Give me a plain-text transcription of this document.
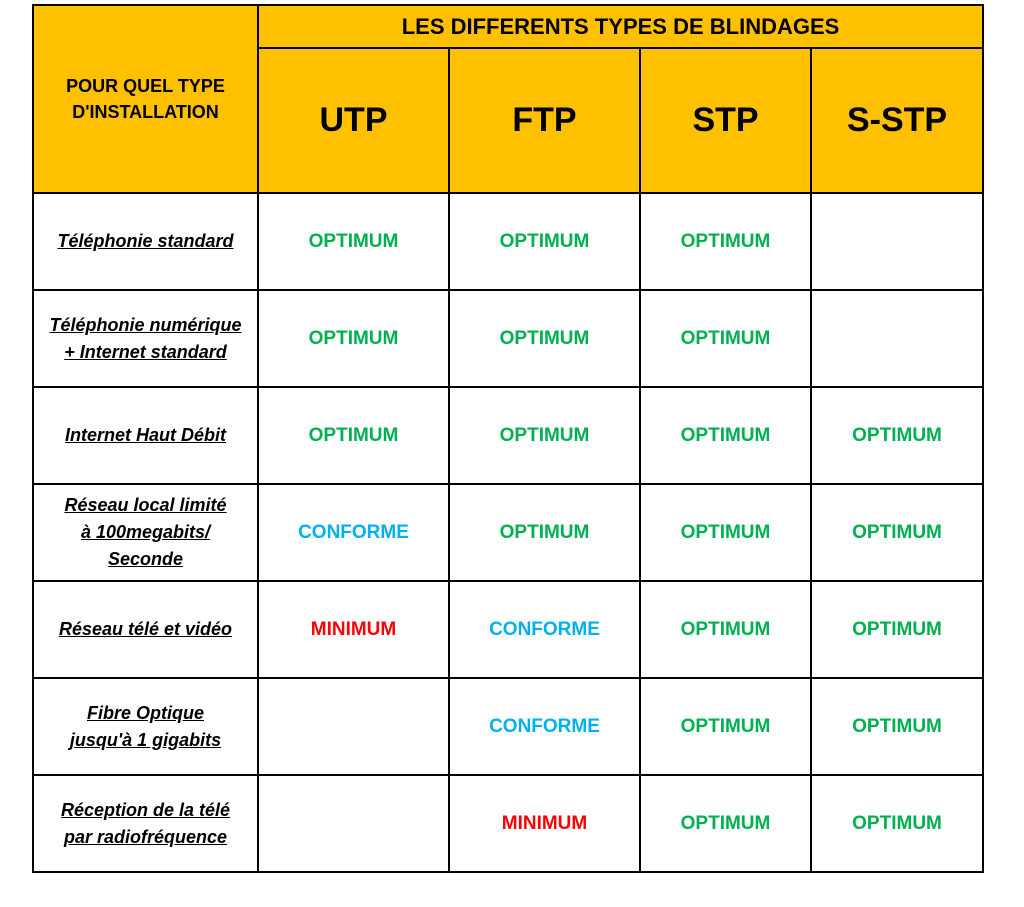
POUR QUEL TYPE
D'INSTALLATION	LES DIFFERENTS TYPES DE BLINDAGES			
	UTP	FTP	STP	S-STP
Téléphonie standard	OPTIMUM	OPTIMUM	OPTIMUM	
Téléphonie numérique
+ Internet standard	OPTIMUM	OPTIMUM	OPTIMUM	
Internet Haut Débit	OPTIMUM	OPTIMUM	OPTIMUM	OPTIMUM
Réseau local limité
à 100megabits/
Seconde	CONFORME	OPTIMUM	OPTIMUM	OPTIMUM
Réseau télé et vidéo	MINIMUM	CONFORME	OPTIMUM	OPTIMUM
Fibre Optique
jusqu'à 1 gigabits		CONFORME	OPTIMUM	OPTIMUM
Réception de la télé
par radiofréquence		MINIMUM	OPTIMUM	OPTIMUM
